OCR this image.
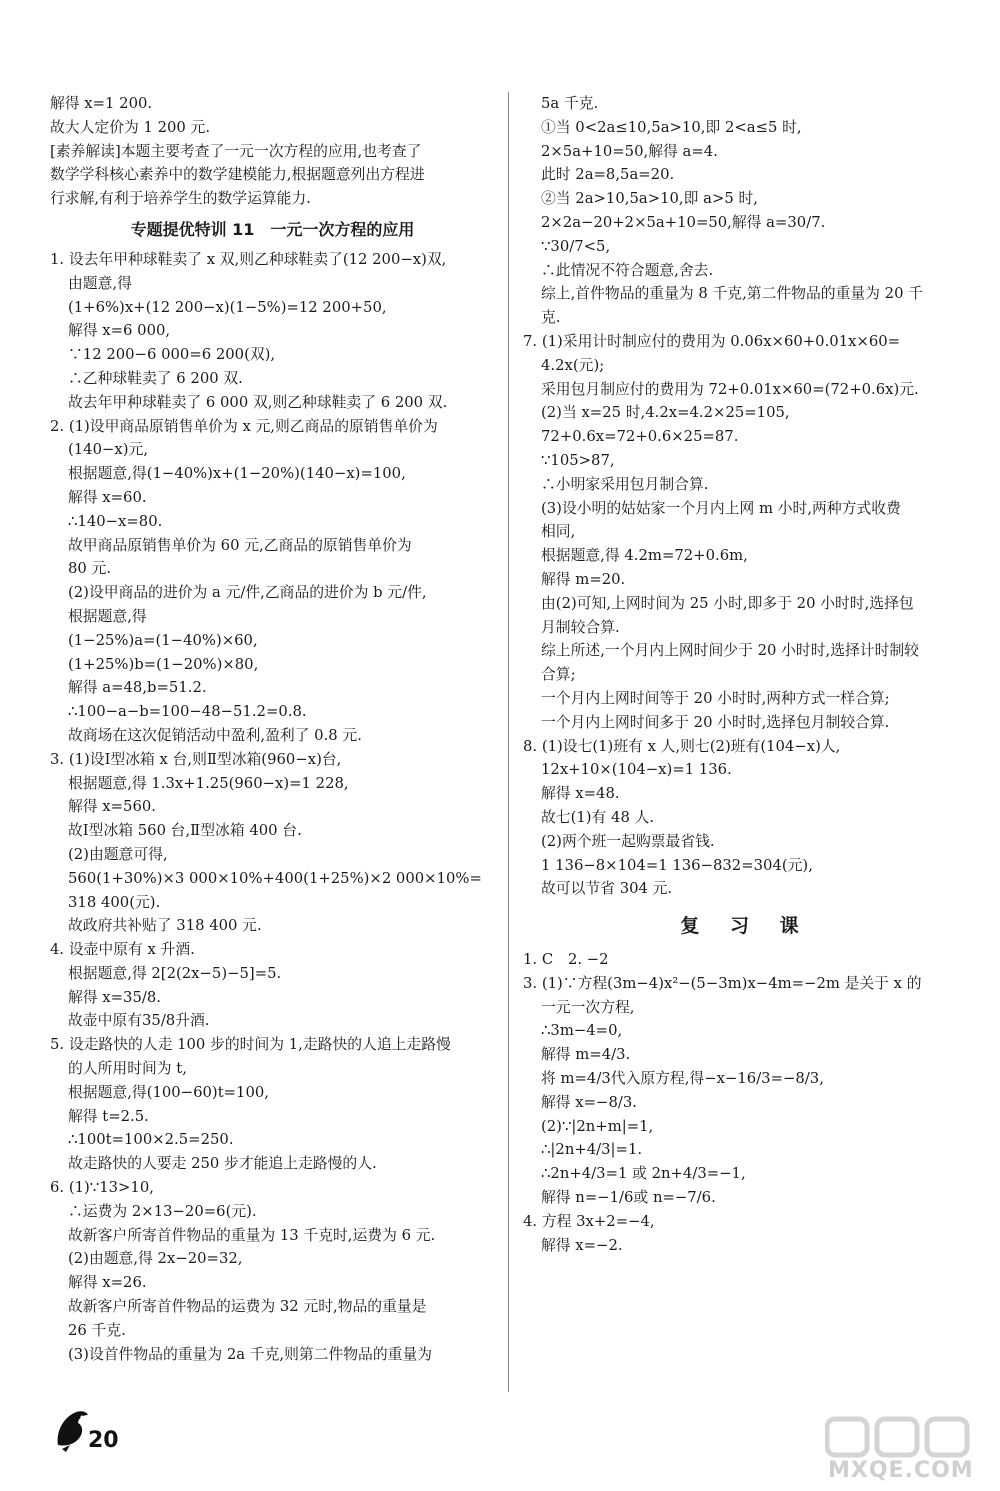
解得 x=1 200.
故大人定价为 1 200 元.
[素养解读]本题主要考查了一元一次方程的应用,也考查了
数学学科核心素养中的数学建模能力,根据题意列出方程进
行求解,有利于培养学生的数学运算能力.
专题提优特训 11　一元一次方程的应用
1. 设去年甲种球鞋卖了 x 双,则乙种球鞋卖了(12 200−x)双,
由题意,得
(1+6%)x+(12 200−x)(1−5%)=12 200+50,
解得 x=6 000,
∵12 200−6 000=6 200(双),
∴乙种球鞋卖了 6 200 双.
故去年甲种球鞋卖了 6 000 双,则乙种球鞋卖了 6 200 双.
2. (1)设甲商品原销售单价为 x 元,则乙商品的原销售单价为
(140−x)元,
根据题意,得(1−40%)x+(1−20%)(140−x)=100,
解得 x=60.
∴140−x=80.
故甲商品原销售单价为 60 元,乙商品的原销售单价为
80 元.
(2)设甲商品的进价为 a 元/件,乙商品的进价为 b 元/件,
根据题意,得
(1−25%)a=(1−40%)×60,
(1+25%)b=(1−20%)×80,
解得 a=48,b=51.2.
∴100−a−b=100−48−51.2=0.8.
故商场在这次促销活动中盈利,盈利了 0.8 元.
3. (1)设Ⅰ型冰箱 x 台,则Ⅱ型冰箱(960−x)台,
根据题意,得 1.3x+1.25(960−x)=1 228,
解得 x=560.
故Ⅰ型冰箱 560 台,Ⅱ型冰箱 400 台.
(2)由题意可得,
560(1+30%)×3 000×10%+400(1+25%)×2 000×10%=
318 400(元).
故政府共补贴了 318 400 元.
4. 设壶中原有 x 升酒.
根据题意,得 2[2(2x−5)−5]=5.
解得 x=35/8.
故壶中原有35/8升酒.
5. 设走路快的人走 100 步的时间为 1,走路快的人追上走路慢
的人所用时间为 t,
根据题意,得(100−60)t=100,
解得 t=2.5.
∴100t=100×2.5=250.
故走路快的人要走 250 步才能追上走路慢的人.
6. (1)∵13>10,
∴运费为 2×13−20=6(元).
故新客户所寄首件物品的重量为 13 千克时,运费为 6 元.
(2)由题意,得 2x−20=32,
解得 x=26.
故新客户所寄首件物品的运费为 32 元时,物品的重量是
26 千克.
(3)设首件物品的重量为 2a 千克,则第二件物品的重量为
5a 千克.
①当 0<2a≤10,5a>10,即 2<a≤5 时,
2×5a+10=50,解得 a=4.
此时 2a=8,5a=20.
②当 2a>10,5a>10,即 a>5 时,
2×2a−20+2×5a+10=50,解得 a=30/7.
∵30/7<5,
∴此情况不符合题意,舍去.
综上,首件物品的重量为 8 千克,第二件物品的重量为 20 千
克.
7. (1)采用计时制应付的费用为 0.06x×60+0.01x×60=
4.2x(元);
采用包月制应付的费用为 72+0.01x×60=(72+0.6x)元.
(2)当 x=25 时,4.2x=4.2×25=105,
72+0.6x=72+0.6×25=87.
∵105>87,
∴小明家采用包月制合算.
(3)设小明的姑姑家一个月内上网 m 小时,两种方式收费
相同,
根据题意,得 4.2m=72+0.6m,
解得 m=20.
由(2)可知,上网时间为 25 小时,即多于 20 小时时,选择包
月制较合算.
综上所述,一个月内上网时间少于 20 小时时,选择计时制较
合算;
一个月内上网时间等于 20 小时时,两种方式一样合算;
一个月内上网时间多于 20 小时时,选择包月制较合算.
8. (1)设七(1)班有 x 人,则七(2)班有(104−x)人,
12x+10×(104−x)=1 136.
解得 x=48.
故七(1)有 48 人.
(2)两个班一起购票最省钱.
1 136−8×104=1 136−832=304(元),
故可以节省 304 元.
复 习 课
1. C　2. −2
3. (1)∵方程(3m−4)x²−(5−3m)x−4m=−2m 是关于 x 的
一元一次方程,
∴3m−4=0,
解得 m=4/3.
将 m=4/3代入原方程,得−x−16/3=−8/3,
解得 x=−8/3.
(2)∵|2n+m|=1,
∴|2n+4/3|=1.
∴2n+4/3=1 或 2n+4/3=−1,
解得 n=−1/6或 n=−7/6.
4. 方程 3x+2=−4,
解得 x=−2.
20
MXQE.COM
